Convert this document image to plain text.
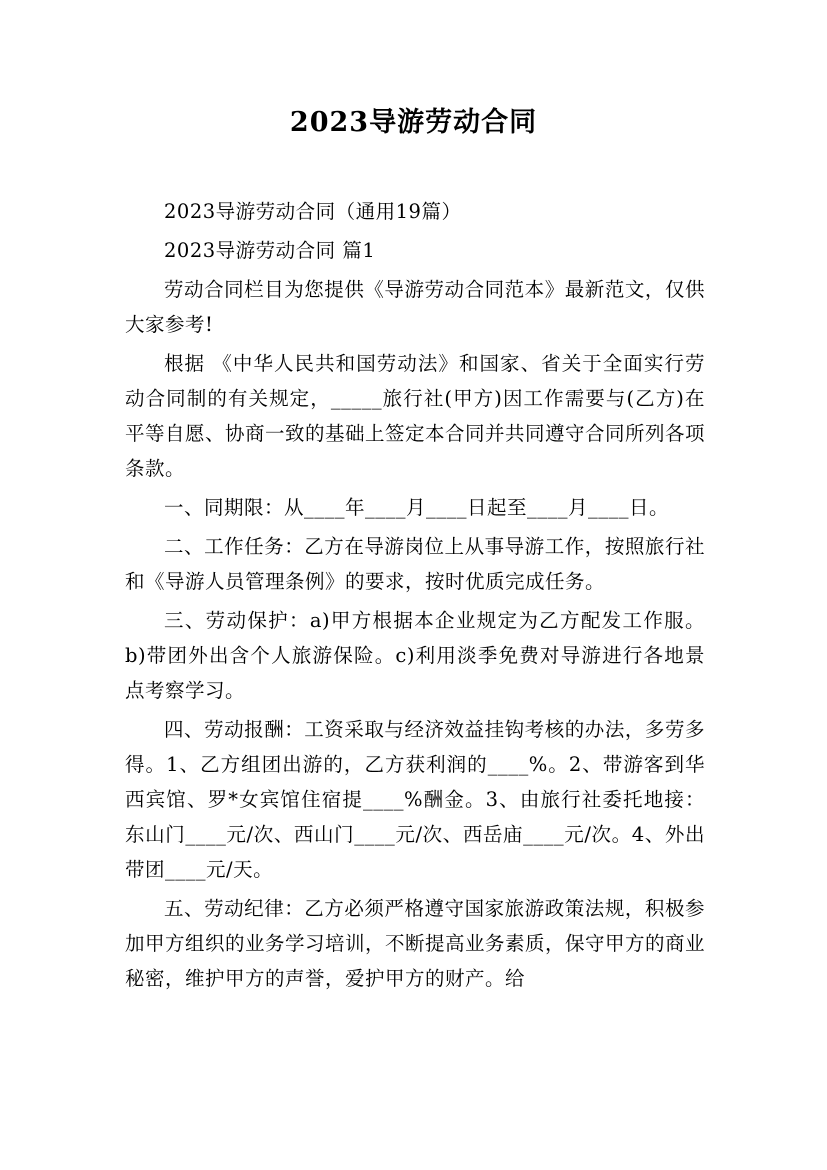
2023导游劳动合同

2023导游劳动合同（通用19篇）

2023导游劳动合同 篇1

劳动合同栏目为您提供《导游劳动合同范本》最新范文，仅供大家参考!

根据 《中华人民共和国劳动法》和国家、省关于全面实行劳动合同制的有关规定，_____旅行社(甲方)因工作需要与(乙方)在平等自愿、协商一致的基础上签定本合同并共同遵守合同所列各项条款。

一、同期限：从____年____月____日起至____月____日。

二、工作任务：乙方在导游岗位上从事导游工作，按照旅行社和《导游人员管理条例》的要求，按时优质完成任务。

三、劳动保护：a)甲方根据本企业规定为乙方配发工作服。b)带团外出含个人旅游保险。c)利用淡季免费对导游进行各地景点考察学习。

四、劳动报酬：工资采取与经济效益挂钩考核的办法，多劳多得。1、乙方组团出游的，乙方获利润的____%。2、带游客到华西宾馆、罗*女宾馆住宿提____%酬金。3、由旅行社委托地接：东山门____元/次、西山门____元/次、西岳庙____元/次。4、外出带团____元/天。

五、劳动纪律：乙方必须严格遵守国家旅游政策法规，积极参加甲方组织的业务学习培训，不断提高业务素质，保守甲方的商业秘密，维护甲方的声誉，爱护甲方的财产。给
